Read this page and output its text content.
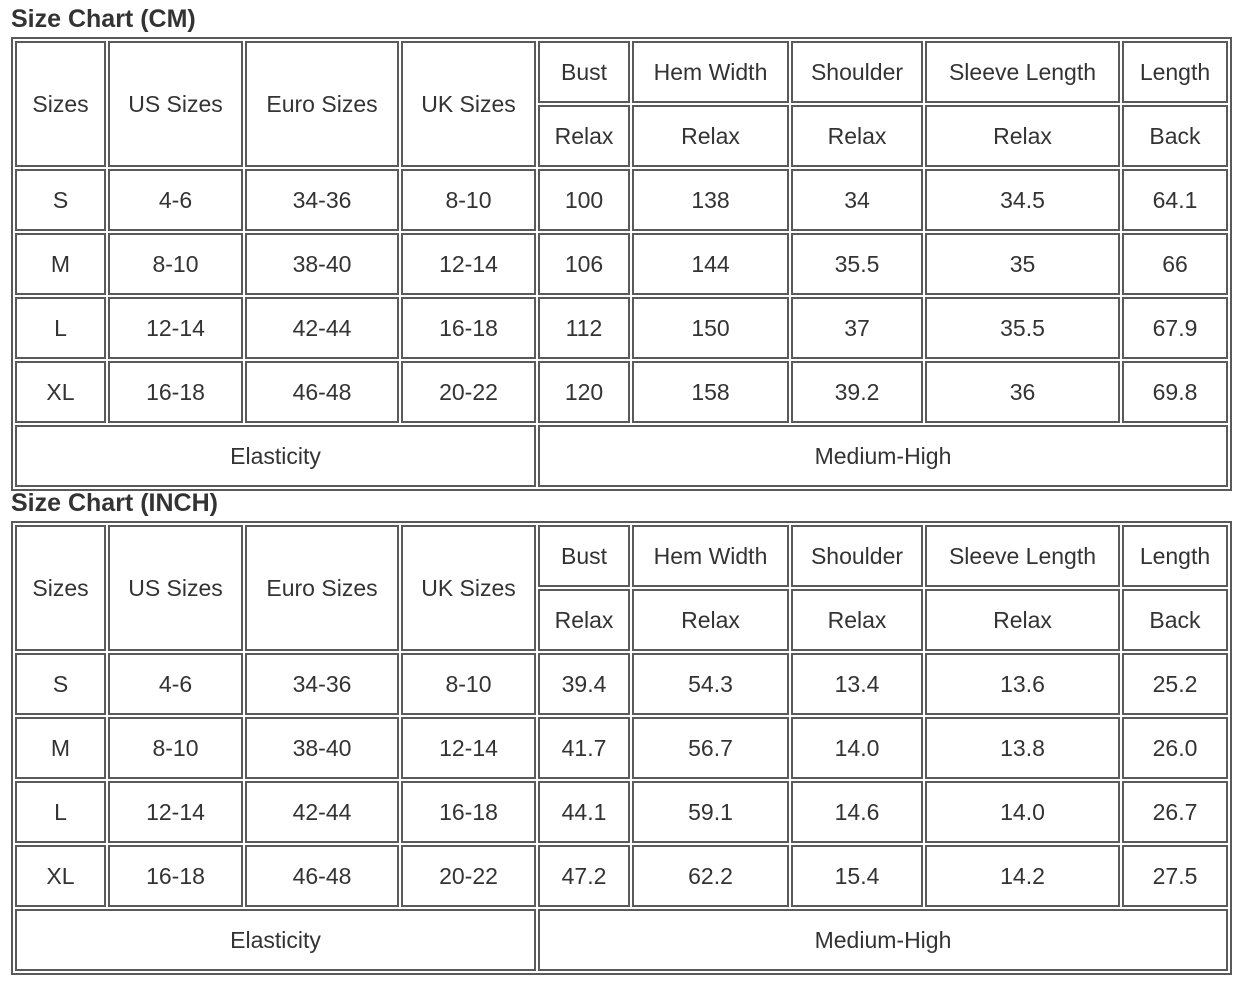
Size Chart (CM)
Sizes	US Sizes	Euro Sizes	UK Sizes	Bust	Hem Width	Shoulder	Sleeve Length	Length
				Relax	Relax	Relax	Relax	Back
S	4-6	34-36	8-10	100	138	34	34.5	64.1
M	8-10	38-40	12-14	106	144	35.5	35	66
L	12-14	42-44	16-18	112	150	37	35.5	67.9
XL	16-18	46-48	20-22	120	158	39.2	36	69.8
Elasticity				Medium-High				
Size Chart (INCH)
Sizes	US Sizes	Euro Sizes	UK Sizes	Bust	Hem Width	Shoulder	Sleeve Length	Length
				Relax	Relax	Relax	Relax	Back
S	4-6	34-36	8-10	39.4	54.3	13.4	13.6	25.2
M	8-10	38-40	12-14	41.7	56.7	14.0	13.8	26.0
L	12-14	42-44	16-18	44.1	59.1	14.6	14.0	26.7
XL	16-18	46-48	20-22	47.2	62.2	15.4	14.2	27.5
Elasticity				Medium-High				
